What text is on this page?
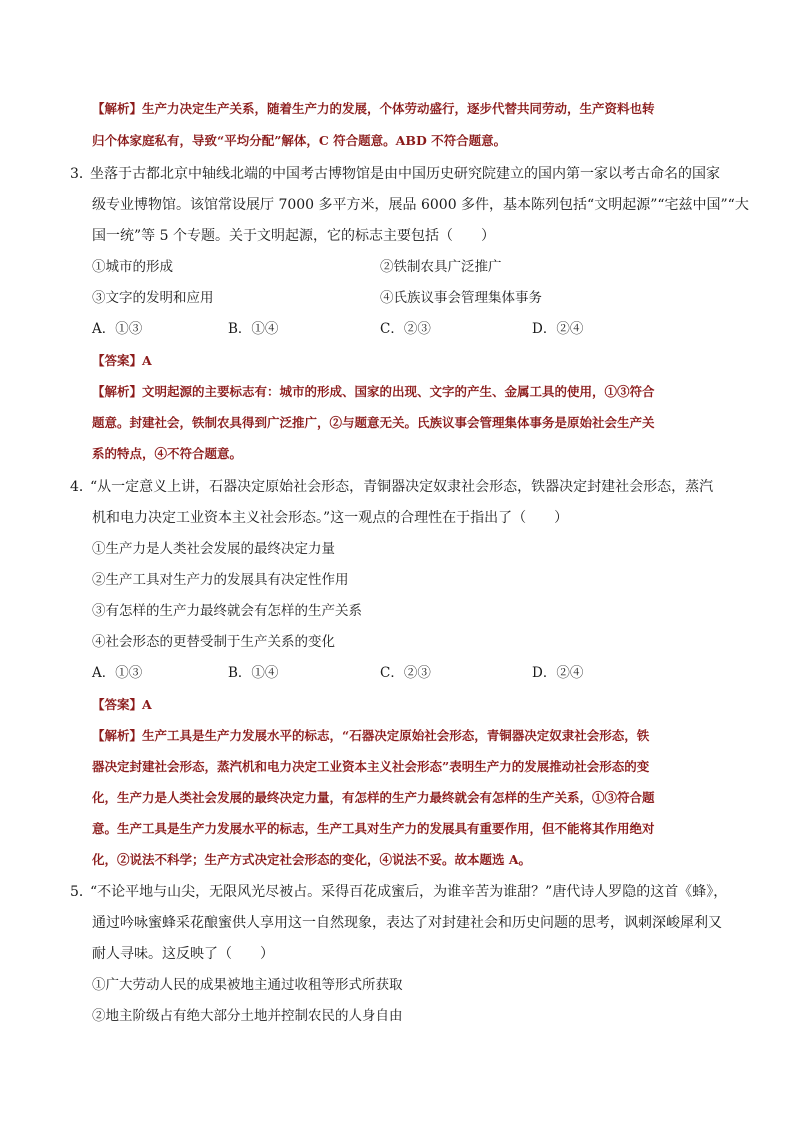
【解析】生产力决定生产关系，随着生产力的发展，个体劳动盛行，逐步代替共同劳动，生产资料也转
归个体家庭私有，导致“平均分配”解体，C 符合题意。ABD 不符合题意。
3．坐落于古都北京中轴线北端的中国考古博物馆是由中国历史研究院建立的国内第一家以考古命名的国家
级专业博物馆。该馆常设展厅 7000 多平方米，展品 6000 多件，基本陈列包括“文明起源”“宅兹中国”“大
国一统”等 5 个专题。关于文明起源，它的标志主要包括（　　）
①城市的形成	②铁制农具广泛推广
③文字的发明和应用	④氏族议事会管理集体事务
A．①③	B．①④	C．②③	D．②④
【答案】A
【解析】文明起源的主要标志有：城市的形成、国家的出现、文字的产生、金属工具的使用，①③符合
题意。封建社会，铁制农具得到广泛推广，②与题意无关。氏族议事会管理集体事务是原始社会生产关
系的特点，④不符合题意。
4．“从一定意义上讲，石器决定原始社会形态，青铜器决定奴隶社会形态，铁器决定封建社会形态，蒸汽
机和电力决定工业资本主义社会形态。”这一观点的合理性在于指出了（　　）
①生产力是人类社会发展的最终决定力量
②生产工具对生产力的发展具有决定性作用
③有怎样的生产力最终就会有怎样的生产关系
④社会形态的更替受制于生产关系的变化
A．①③	B．①④	C．②③	D．②④
【答案】A
【解析】生产工具是生产力发展水平的标志，“石器决定原始社会形态，青铜器决定奴隶社会形态，铁
器决定封建社会形态，蒸汽机和电力决定工业资本主义社会形态”表明生产力的发展推动社会形态的变
化，生产力是人类社会发展的最终决定力量，有怎样的生产力最终就会有怎样的生产关系，①③符合题
意。生产工具是生产力发展水平的标志，生产工具对生产力的发展具有重要作用，但不能将其作用绝对
化，②说法不科学；生产方式决定社会形态的变化，④说法不妥。故本题选 A。
5．“不论平地与山尖，无限风光尽被占。采得百花成蜜后，为谁辛苦为谁甜？”唐代诗人罗隐的这首《蜂》，
通过吟咏蜜蜂采花酿蜜供人享用这一自然现象，表达了对封建社会和历史问题的思考，讽刺深峻犀利又
耐人寻味。这反映了（　　）
①广大劳动人民的成果被地主通过收租等形式所获取
②地主阶级占有绝大部分土地并控制农民的人身自由
